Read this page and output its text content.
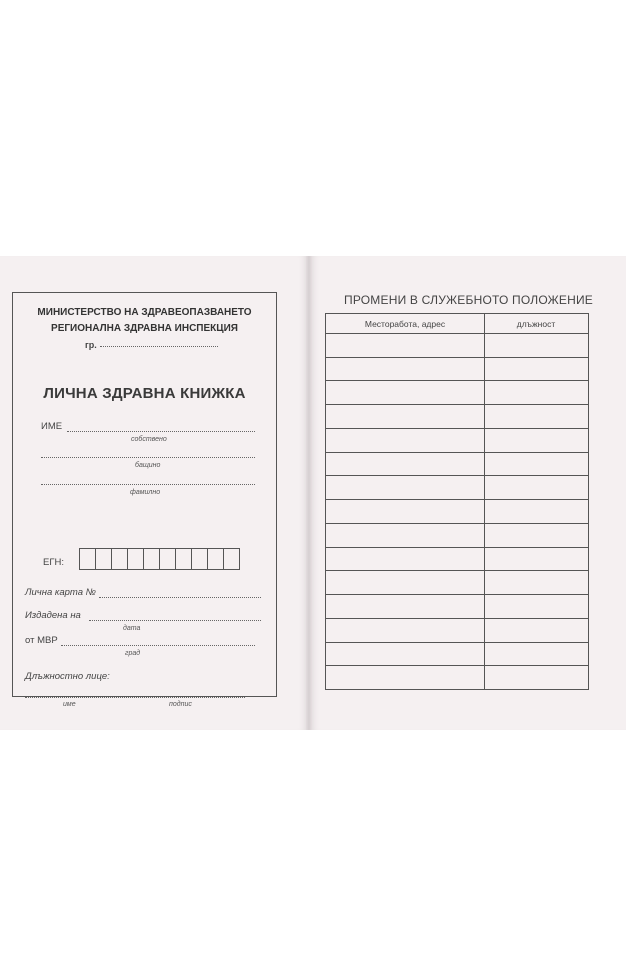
МИНИСТЕРСТВО НА ЗДРАВЕОПАЗВАНЕТО
РЕГИОНАЛНА ЗДРАВНА ИНСПЕКЦИЯ
гр.
ЛИЧНА ЗДРАВНА КНИЖКА
ИМЕ
собствено
бащино
фамилно
ЕГН:
Лична карта №
Издадена на
дата
от МВР
град
Длъжностно лице:
име	подпис
ПРОМЕНИ В СЛУЖЕБНОТО ПОЛОЖЕНИЕ
Месторабота, адрес	длъжност
